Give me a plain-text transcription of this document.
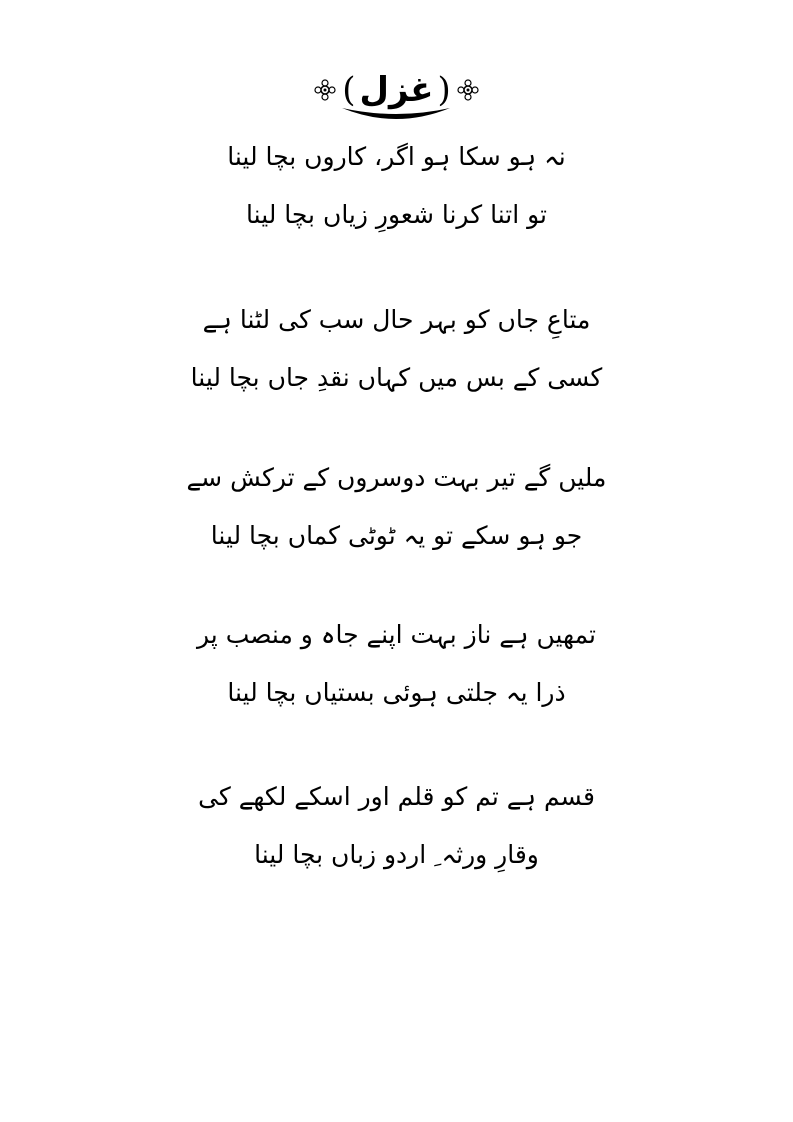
( غزل )
نہ ہو سکا ہو اگر، کاروں بچا لینا
تو اتنا کرنا شعورِ زیاں بچا لینا
متاعِ جاں کو بہر حال سب کی لٹنا ہے
کسی کے بس میں کہاں نقدِ جاں بچا لینا
ملیں گے تیر بہت دوسروں کے ترکش سے
جو ہو سکے تو یہ ٹوٹی کماں بچا لینا
تمھیں ہے ناز بہت اپنے جاہ و منصب پر
ذرا یہ جلتی ہوئی بستیاں بچا لینا
قسم ہے تم کو قلم اور اسکے لکھے کی
وقارِ ورثہ ِ اردو زباں بچا لینا
